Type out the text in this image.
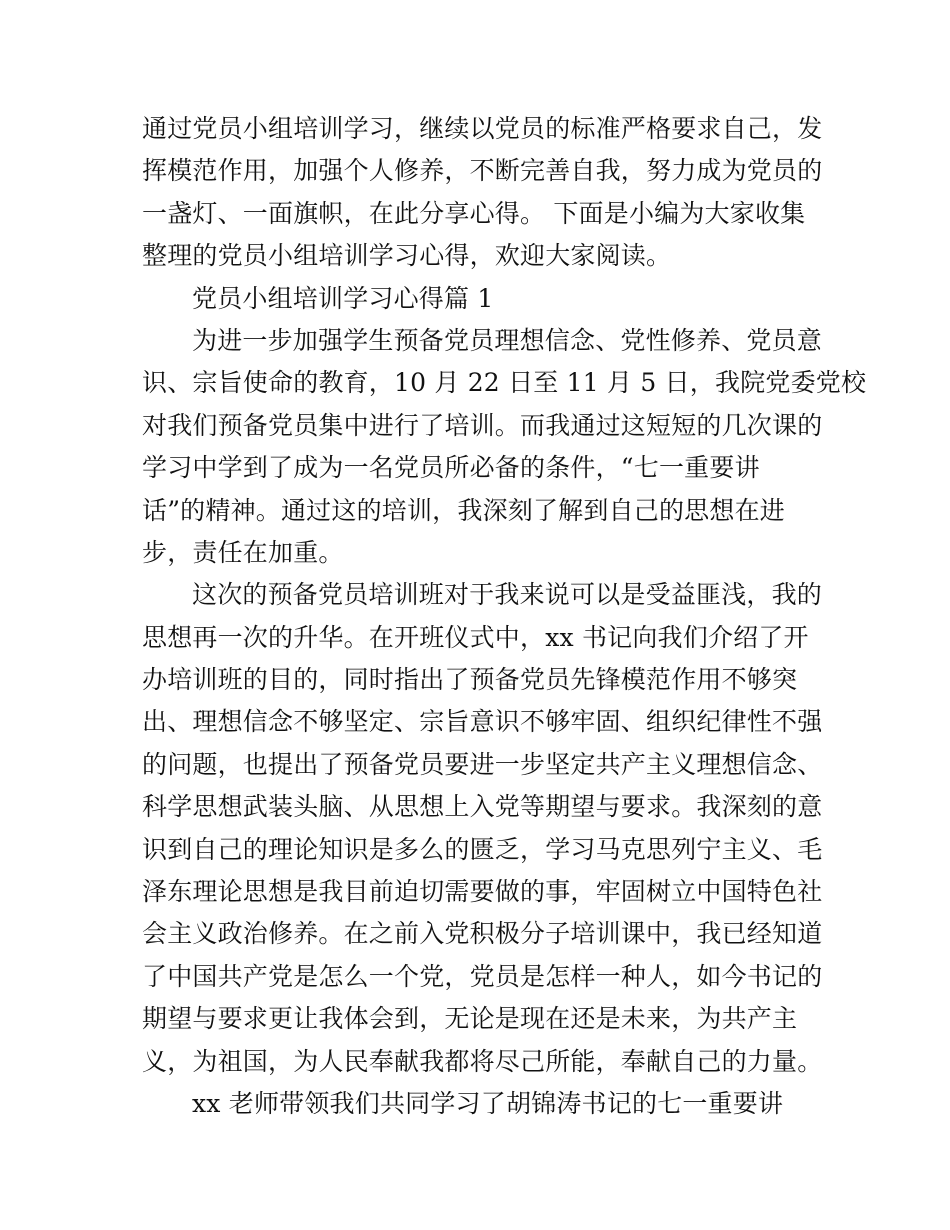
通过党员小组培训学习，继续以党员的标准严格要求自己，发
挥模范作用，加强个人修养，不断完善自我，努力成为党员的
一盏灯、一面旗帜，在此分享心得。 下面是小编为大家收集
整理的党员小组培训学习心得，欢迎大家阅读。
党员小组培训学习心得篇 1
为进一步加强学生预备党员理想信念、党性修养、党员意
识、宗旨使命的教育，10 月 22 日至 11 月 5 日，我院党委党校
对我们预备党员集中进行了培训。而我通过这短短的几次课的
学习中学到了成为一名党员所必备的条件，“七一重要讲
话”的精神。通过这的培训，我深刻了解到自己的思想在进
步，责任在加重。
这次的预备党员培训班对于我来说可以是受益匪浅，我的
思想再一次的升华。在开班仪式中，xx 书记向我们介绍了开
办培训班的目的，同时指出了预备党员先锋模范作用不够突
出、理想信念不够坚定、宗旨意识不够牢固、组织纪律性不强
的问题，也提出了预备党员要进一步坚定共产主义理想信念、
科学思想武装头脑、从思想上入党等期望与要求。我深刻的意
识到自己的理论知识是多么的匮乏，学习马克思列宁主义、毛
泽东理论思想是我目前迫切需要做的事，牢固树立中国特色社
会主义政治修养。在之前入党积极分子培训课中，我已经知道
了中国共产党是怎么一个党，党员是怎样一种人，如今书记的
期望与要求更让我体会到，无论是现在还是未来，为共产主
义，为祖国，为人民奉献我都将尽己所能，奉献自己的力量。
xx 老师带领我们共同学习了胡锦涛书记的七一重要讲
